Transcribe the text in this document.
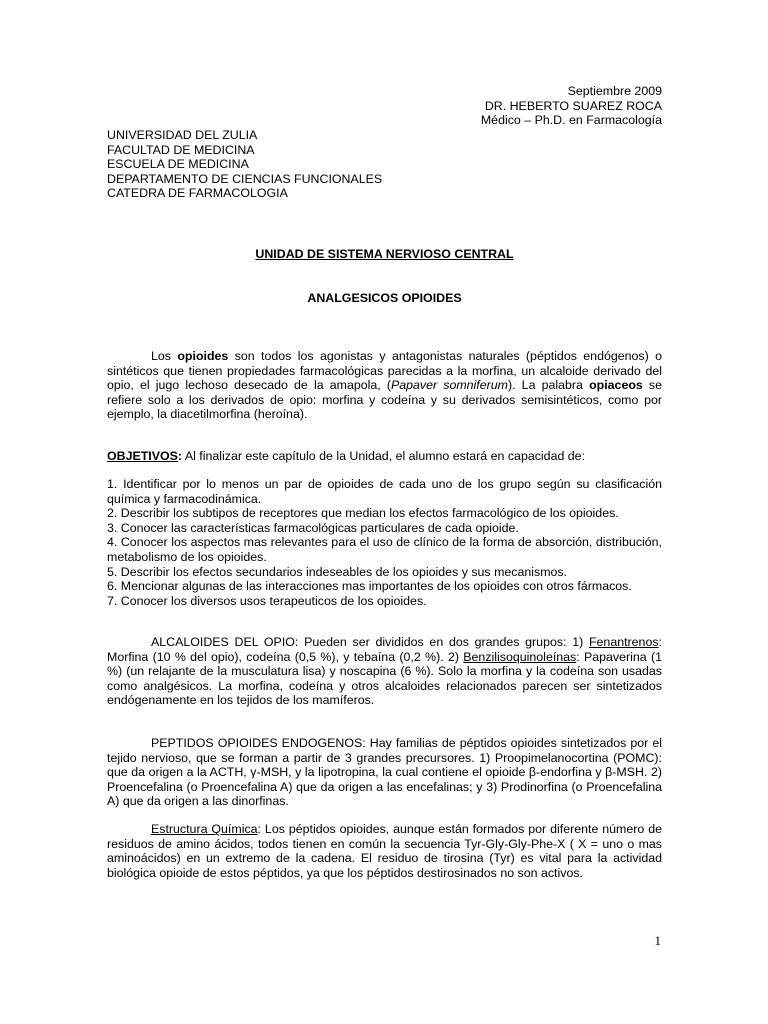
Septiembre 2009
DR. HEBERTO SUAREZ ROCA
Médico – Ph.D. en Farmacología
UNIVERSIDAD DEL ZULIA
FACULTAD DE MEDICINA
ESCUELA DE MEDICINA
DEPARTAMENTO DE CIENCIAS FUNCIONALES
CATEDRA DE FARMACOLOGIA
UNIDAD DE SISTEMA NERVIOSO CENTRAL
ANALGESICOS OPIOIDES

Los opioides son todos los agonistas y antagonistas naturales (péptidos endógenos) o sintéticos que tienen propiedades farmacológicas parecidas a la morfina, un alcaloide derivado del opio, el jugo lechoso desecado de la amapola, (Papaver somniferum). La palabra opiaceos se refiere solo a los derivados de opio: morfina y codeína y su derivados semisintéticos, como por ejemplo, la diacetilmorfina (heroína).

OBJETIVOS: Al finalizar este capítulo de la Unidad, el alumno estará en capacidad de:

1. Identificar por lo menos un par de opioides de cada uno de los grupo según su clasificación química y farmacodinámica.
2. Describir los subtipos de receptores que median los efectos farmacológico de los opioides.
3. Conocer las características farmacológicas particulares de cada opioide.
4. Conocer los aspectos mas relevantes para el uso de clínico de la forma de absorción, distribución, metabolismo de los opioides.
5. Describir los efectos secundarios indeseables de los opioides y sus mecanismos.
6. Mencionar algunas de las interacciones mas importantes de los opioides con otros fármacos.
7. Conocer los diversos usos terapeuticos de los opioides.

ALCALOIDES DEL OPIO: Pueden ser divididos en dos grandes grupos: 1) Fenantrenos: Morfina (10 % del opio), codeína (0,5 %), y tebaína (0,2 %). 2) Benzilisoquinoleínas: Papaverina (1 %) (un relajante de la musculatura lisa) y noscapina (6 %). Solo la morfina y la codeína son usadas como analgésicos. La morfina, codeína y otros alcaloides relacionados parecen ser sintetizados endógenamente en los tejidos de los mamíferos.

PEPTIDOS OPIOIDES ENDOGENOS: Hay familias de péptidos opioides sintetizados por el tejido nervioso, que se forman a partir de 3 grandes precursores. 1) Proopimelanocortina (POMC): que da origen a la ACTH, γ-MSH, y la lipotropina, la cual contiene el opioide β-endorfina y β-MSH. 2) Proencefalina (o Proencefalina A) que da origen a las encefalinas; y 3) Prodinorfina (o Proencefalina A) que da origen a las dinorfinas.

Estructura Química: Los péptidos opioides, aunque están formados por diferente número de residuos de amino ácidos, todos tienen en común la secuencia Tyr-Gly-Gly-Phe-X ( X = uno o mas aminoácidos) en un extremo de la cadena. El residuo de tirosina (Tyr) es vital para la actividad biológica opioide de estos péptidos, ya que los péptidos destirosinados no son activos.

1
